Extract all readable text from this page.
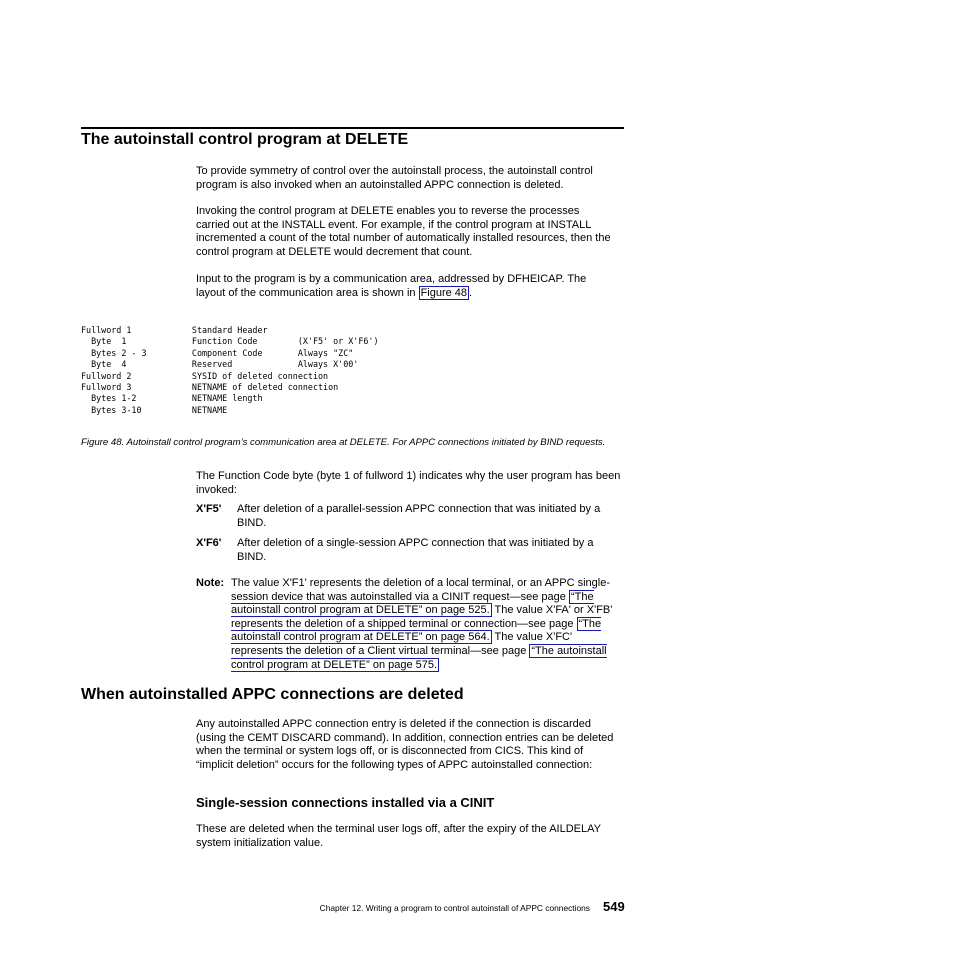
The autoinstall control program at DELETE

To provide symmetry of control over the autoinstall process, the autoinstall control program is also invoked when an autoinstalled APPC connection is deleted.

Invoking the control program at DELETE enables you to reverse the processes carried out at the INSTALL event. For example, if the control program at INSTALL incremented a count of the total number of automatically installed resources, then the control program at DELETE would decrement that count.

Input to the program is by a communication area, addressed by DFHEICAP. The layout of the communication area is shown in Figure 48 .

Fullword 1            Standard Header
Byte  1             Function Code        (X'F5' or X'F6')
Bytes 2 - 3         Component Code       Always "ZC"
Byte  4             Reserved             Always X'00'
Fullword 2            SYSID of deleted connection
Fullword 3            NETNAME of deleted connection
Bytes 1-2           NETNAME length
Bytes 3-10          NETNAME

Figure 48. Autoinstall control program’s communication area at DELETE. For APPC connections initiated by BIND requests.

The Function Code byte (byte 1 of fullword 1) indicates why the user program has been invoked:

X'F5'	After deletion of a parallel-session APPC connection that was initiated by a BIND.
X'F6'	After deletion of a single-session APPC connection that was initiated by a BIND.
Note: The value X'F1' represents the deletion of a local terminal, or an APPC single-session device that was autoinstalled via a CINIT request—see page “The autoinstall control program at DELETE” on page 525. The value X'FA' or X'FB' represents the deletion of a shipped terminal or connection—see page “The autoinstall control program at DELETE” on page 564. The value X'FC' represents the deletion of a Client virtual terminal—see page “The autoinstall control program at DELETE” on page 575.
When autoinstalled APPC connections are deleted

Any autoinstalled APPC connection entry is deleted if the connection is discarded (using the CEMT DISCARD command). In addition, connection entries can be deleted when the terminal or system logs off, or is disconnected from CICS. This kind of “implicit deletion” occurs for the following types of APPC autoinstalled connection:

Single-session connections installed via a CINIT

These are deleted when the terminal user logs off, after the expiry of the AILDELAY system initialization value.

Chapter 12. Writing a program to control autoinstall of APPC connections 549
